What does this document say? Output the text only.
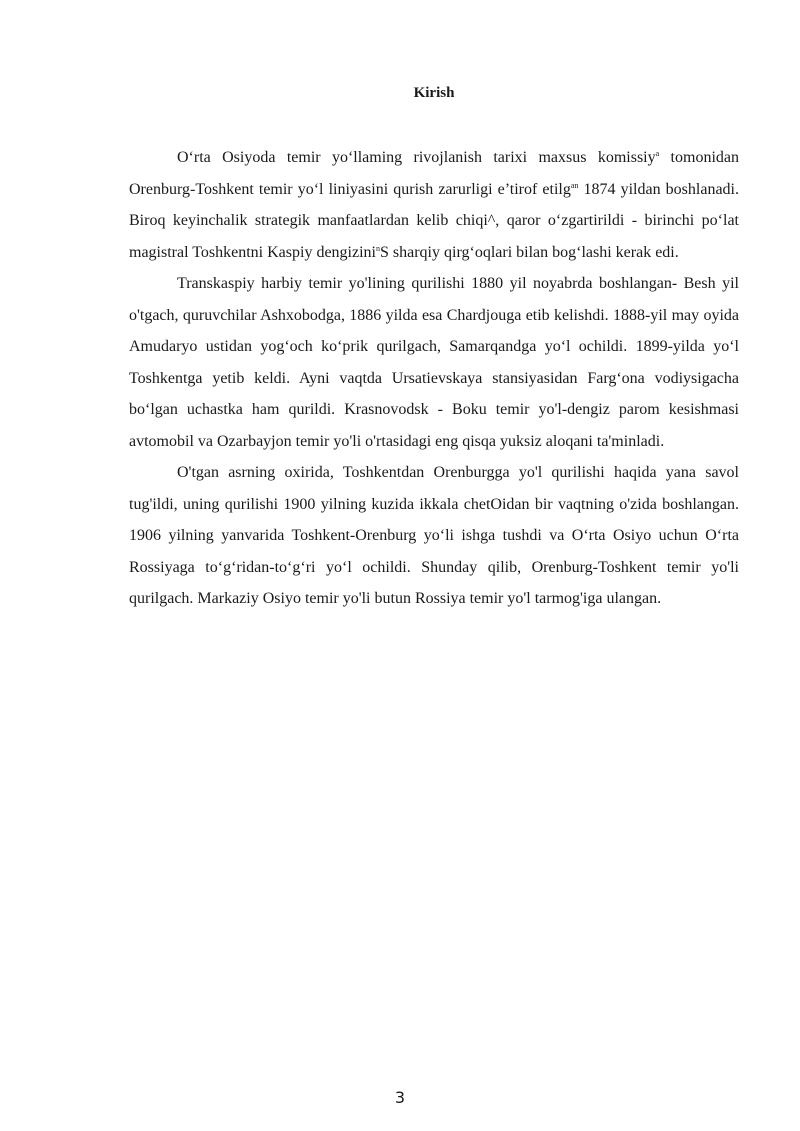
Kirish

O‘rta Osiyoda temir yo‘llaming rivojlanish tarixi maxsus komissiy$^a$ tomonidan Orenburg-Toshkent temir yo‘l liniyasini qurish zarurligi e’tirof etilg$^{an}$ 1874 yildan boshlanadi. Biroq keyinchalik strategik manfaatlardan kelib chiqi^, qaror o‘zgartirildi - birinchi po‘lat magistral Toshkentni Kaspiy dengizini$^n$S sharqiy qirg‘oqlari bilan bog‘lashi kerak edi.

Transkaspiy harbiy temir yo'lining qurilishi 1880 yil noyabrda boshlangan- Besh yil o'tgach, quruvchilar Ashxobodga, 1886 yilda esa Chardjouga etib kelishdi. 1888-yil may oyida Amudaryo ustidan yog‘och ko‘prik qurilgach, Samarqandga yo‘l ochildi. 1899-yilda yo‘l Toshkentga yetib keldi. Ayni vaqtda Ursatievskaya stansiyasidan Farg‘ona vodiysigacha bo‘lgan uchastka ham qurildi. Krasnovodsk - Boku temir yo'l-dengiz parom kesishmasi avtomobil va Ozarbayjon temir yo'li o'rtasidagi eng qisqa yuksiz aloqani ta'minladi.

O'tgan asrning oxirida, Toshkentdan Orenburgga yo'l qurilishi haqida yana savol tug'ildi, uning qurilishi 1900 yilning kuzida ikkala chetOidan bir vaqtning o'zida boshlangan. 1906 yilning yanvarida Toshkent-Orenburg yo‘li ishga tushdi va O‘rta Osiyo uchun O‘rta Rossiyaga to‘g‘ridan-to‘g‘ri yo‘l ochildi. Shunday qilib, Orenburg-Toshkent temir yo'li qurilgach. Markaziy Osiyo temir yo'li butun Rossiya temir yo'l tarmog'iga ulangan.

3
